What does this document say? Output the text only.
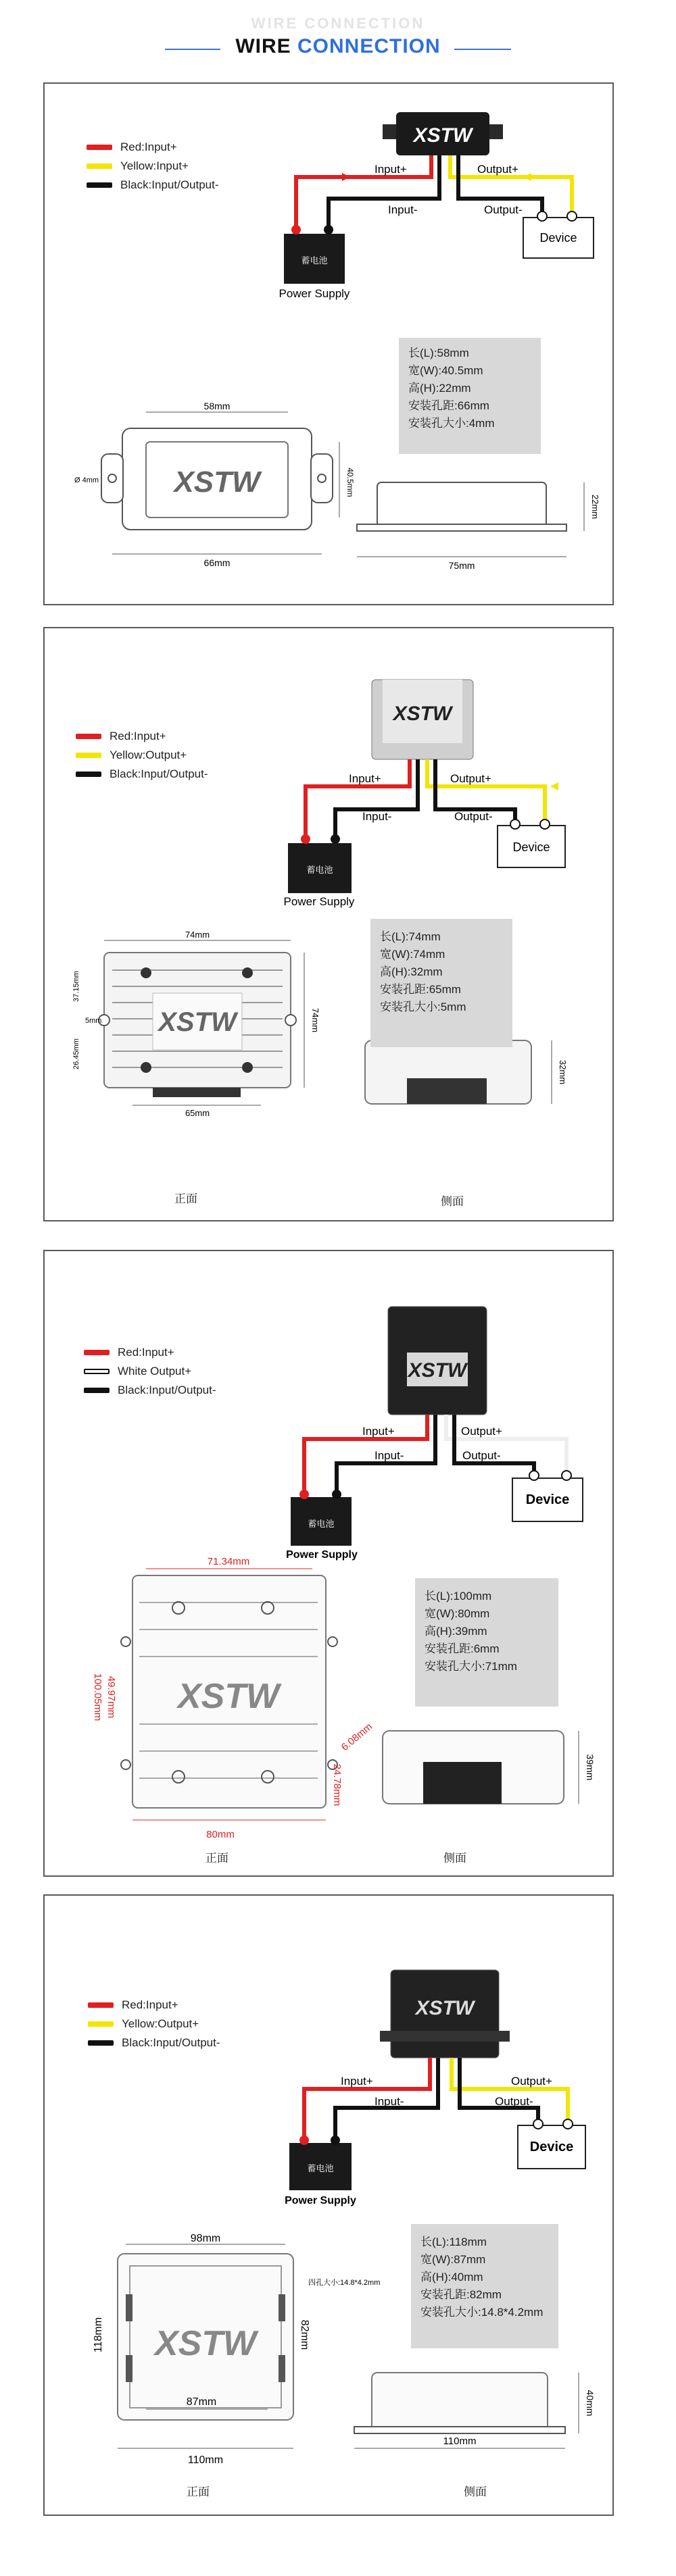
WIRE CONNECTION
WIRE CONNECTION
Red:Input+
Yellow:Input+
Black:Input/Output-
XSTW
Input+
Input-
Output+
Output-
蓄电池
Power Supply
Device
XSTW
58mm
66mm
40.5mm
Ø 4mm
75mm
22mm
长(L):58mm
宽(W):40.5mm
高(H):22mm
安装孔距:66mm
安装孔大小:4mm
Red:Input+
Yellow:Output+
Black:Input/Output-
XSTW
Input+
Input-
Output+
Output-
蓄电池
Power Supply
Device
XSTW
74mm
65mm
74mm
37.15mm
26.45mm
5mm
32mm
长(L):74mm
宽(W):74mm
高(H):32mm
安装孔距:65mm
安装孔大小:5mm
正面	侧面
Red:Input+
White Output+
Black:Input/Output-
XSTW
Input+
Input-
Output+
Output-
蓄电池
Power Supply
Device
XSTW
71.34mm
100.05mm 49.97mm
80mm
6.08mm
24.78mm	39mm
长(L):100mm
宽(W):80mm
高(H):39mm
安装孔距:6mm
安装孔大小:71mm
正面	侧面
Red:Input+
Yellow:Output+
Black:Input/Output-
XSTW
Input+
Input-
Output+
Output-
蓄电池
Power Supply
Device
XSTW
98mm
87mm
110mm
118mm	82mm
四孔大小:14.8*4.2mm
110mm
40mm
长(L):118mm
宽(W):87mm
高(H):40mm
安装孔距:82mm
安装孔大小:14.8*4.2mm
正面	侧面
